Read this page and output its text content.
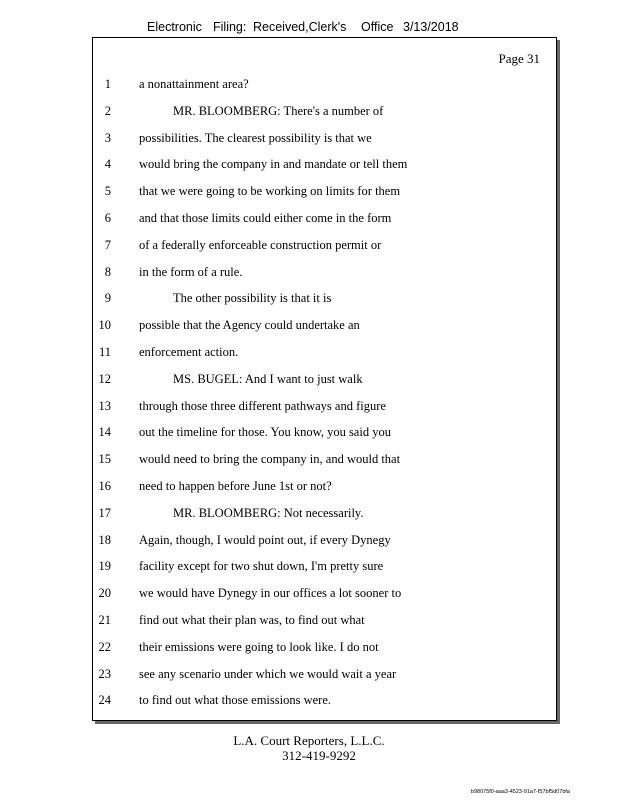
Electronic Filing: Received,Clerk's Office 3/13/2018
Page 31
1 a nonattainment area?
2	MR. BLOOMBERG: There's a number of
3 possibilities. The clearest possibility is that we
4 would bring the company in and mandate or tell them
5 that we were going to be working on limits for them
6 and that those limits could either come in the form
7 of a federally enforceable construction permit or
8 in the form of a rule.
9	The other possibility is that it is
10 possible that the Agency could undertake an
11 enforcement action.
12	MS. BUGEL: And I want to just walk
13 through those three different pathways and figure
14 out the timeline for those. You know, you said you
15 would need to bring the company in, and would that
16 need to happen before June 1st or not?
17	MR. BLOOMBERG: Not necessarily.
18 Again, though, I would point out, if every Dynegy
19 facility except for two shut down, I'm pretty sure
20 we would have Dynegy in our offices a lot sooner to
21 find out what their plan was, to find out what
22 their emissions were going to look like. I do not
23 see any scenario under which we would wait a year
24 to find out what those emissions were.
L.A. Court Reporters, L.L.C.
312-419-9292
b98075f0-aaa3-4523-91a7-f57bf5d07bfa
